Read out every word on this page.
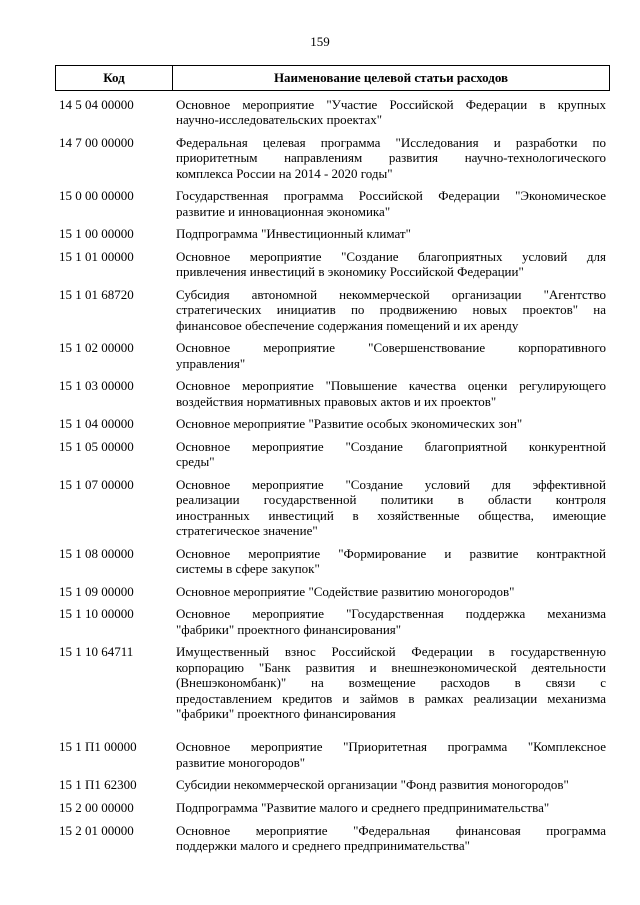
159
Код	Наименование целевой статьи расходов
14 5 04 00000	Основное мероприятие "Участие Российской Федерации в крупных
научно-исследовательских проектах"
14 7 00 00000	Федеральная целевая программа "Исследования и разработки по
приоритетным направлениям развития научно-технологического
комплекса России на 2014 - 2020 годы"
15 0 00 00000	Государственная программа Российской Федерации "Экономическое
развитие и инновационная экономика"
15 1 00 00000	Подпрограмма "Инвестиционный климат"
15 1 01 00000	Основное мероприятие "Создание благоприятных условий для
привлечения инвестиций в экономику Российской Федерации"
15 1 01 68720	Субсидия автономной некоммерческой организации "Агентство
стратегических инициатив по продвижению новых проектов" на
финансовое обеспечение содержания помещений и их аренду
15 1 02 00000	Основное мероприятие "Совершенствование корпоративного
управления"
15 1 03 00000	Основное мероприятие "Повышение качества оценки регулирующего
воздействия нормативных правовых актов и их проектов"
15 1 04 00000	Основное мероприятие "Развитие особых экономических зон"
15 1 05 00000	Основное мероприятие "Создание благоприятной конкурентной
среды"
15 1 07 00000	Основное мероприятие "Создание условий для эффективной
реализации государственной политики в области контроля
иностранных инвестиций в хозяйственные общества, имеющие
стратегическое значение"
15 1 08 00000	Основное мероприятие "Формирование и развитие контрактной
системы в сфере закупок"
15 1 09 00000	Основное мероприятие "Содействие развитию моногородов"
15 1 10 00000	Основное мероприятие "Государственная поддержка механизма
"фабрики" проектного финансирования"
15 1 10 64711	Имущественный взнос Российской Федерации в государственную
корпорацию "Банк развития и внешнеэкономической деятельности
(Внешэкономбанк)" на возмещение расходов в связи с
предоставлением кредитов и займов в рамках реализации механизма
"фабрики" проектного финансирования
15 1 П1 00000	Основное мероприятие "Приоритетная программа "Комплексное
развитие моногородов"
15 1 П1 62300	Субсидии некоммерческой организации "Фонд развития моногородов"
15 2 00 00000	Подпрограмма "Развитие малого и среднего предпринимательства"
15 2 01 00000	Основное мероприятие "Федеральная финансовая программа
поддержки малого и среднего предпринимательства"
